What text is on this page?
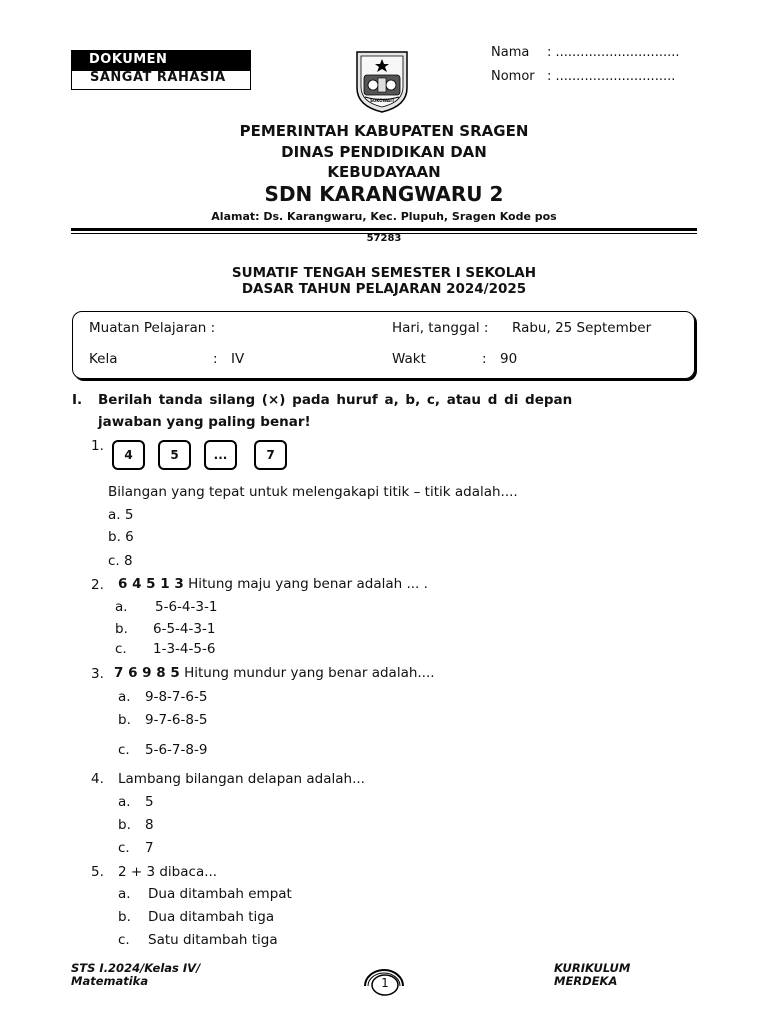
DOKUMEN
SANGAT RAHASIA
SUKOWATI
Nama : ..............................
Nomor : .............................
PEMERINTAH KABUPATEN SRAGEN
DINAS PENDIDIKAN DAN
KEBUDAYAAN
SDN KARANGWARU 2
Alamat: Ds. Karangwaru, Kec. Plupuh, Sragen Kode pos
57283
SUMATIF TENGAH SEMESTER I SEKOLAH
DASAR TAHUN PELAJARAN 2024/2025
Muatan Pelajaran :	Hari, tanggal : Rabu, 25 September
Kela	: IV	Wakt	: 90
I. Berilah tanda silang (×) pada huruf a, b, c, atau d di depan
jawaban yang paling benar!
1.
4	5	...	7
Bilangan yang tepat untuk melengakapi titik – titik adalah....
a. 5
b. 6
c. 8
2. 6 4 5 1 3 Hitung maju yang benar adalah ... .
a. 5-6-4-3-1
b. 6-5-4-3-1
c. 1-3-4-5-6
3. 7 6 9 8 5 Hitung mundur yang benar adalah....
a. 9-8-7-6-5
b. 9-7-6-8-5
c. 5-6-7-8-9
4. Lambang bilangan delapan adalah...
a. 5
b. 8
c. 7
5. 2 + 3 dibaca...
a. Dua ditambah empat
b. Dua ditambah tiga
c. Satu ditambah tiga
STS I.2024/Kelas IV/
Matematika	1
KURIKULUM
MERDEKA
